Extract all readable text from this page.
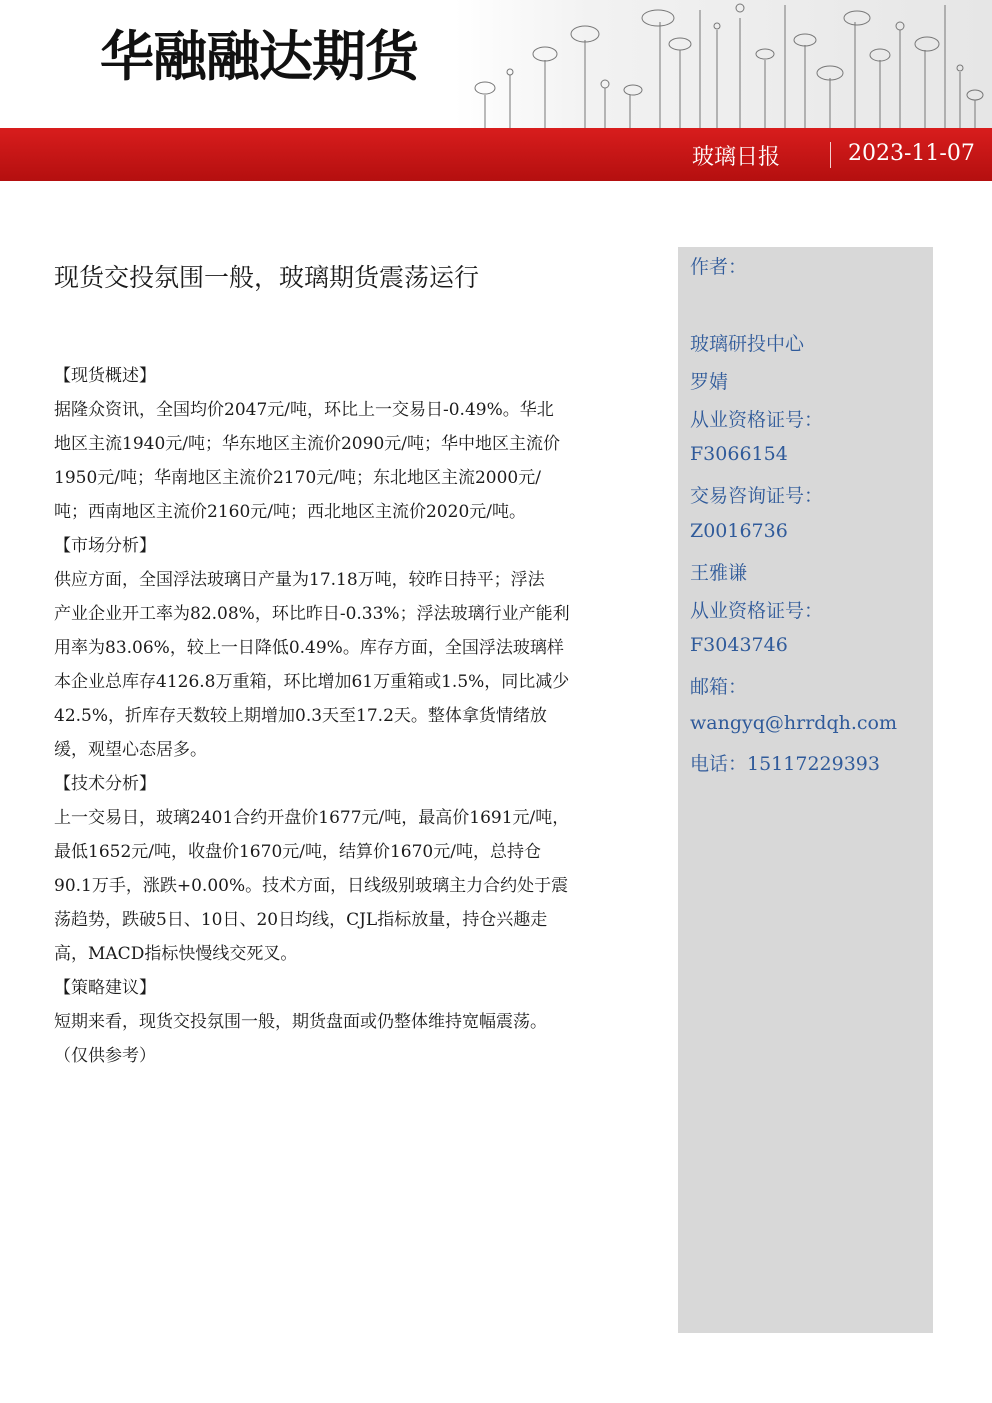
华融融达期货
玻璃日报	2023-11-07
作者：
玻璃研投中心
罗婧
从业资格证号：
F3066154
交易咨询证号：
Z0016736
王雅谦
从业资格证号：
F3043746
邮箱：
wangyq@hrrdqh.com
电话：15117229393
现货交投氛围一般，玻璃期货震荡运行
【现货概述】
据隆众资讯，全国均价2047元/吨，环比上一交易日-0.49%。华北
地区主流1940元/吨；华东地区主流价2090元/吨；华中地区主流价
1950元/吨；华南地区主流价2170元/吨；东北地区主流2000元/
吨；西南地区主流价2160元/吨；西北地区主流价2020元/吨。
【市场分析】
供应方面，全国浮法玻璃日产量为17.18万吨，较昨日持平；浮法
产业企业开工率为82.08%，环比昨日-0.33%；浮法玻璃行业产能利
用率为83.06%，较上一日降低0.49%。库存方面，全国浮法玻璃样
本企业总库存4126.8万重箱，环比增加61万重箱或1.5%，同比减少
42.5%，折库存天数较上期增加0.3天至17.2天。整体拿货情绪放
缓，观望心态居多。
【技术分析】
上一交易日，玻璃2401合约开盘价1677元/吨，最高价1691元/吨，
最低1652元/吨，收盘价1670元/吨，结算价1670元/吨，总持仓
90.1万手，涨跌+0.00%。技术方面，日线级别玻璃主力合约处于震
荡趋势，跌破5日、10日、20日均线，CJL指标放量，持仓兴趣走
高，MACD指标快慢线交死叉。
【策略建议】
短期来看，现货交投氛围一般，期货盘面或仍整体维持宽幅震荡。
（仅供参考）
